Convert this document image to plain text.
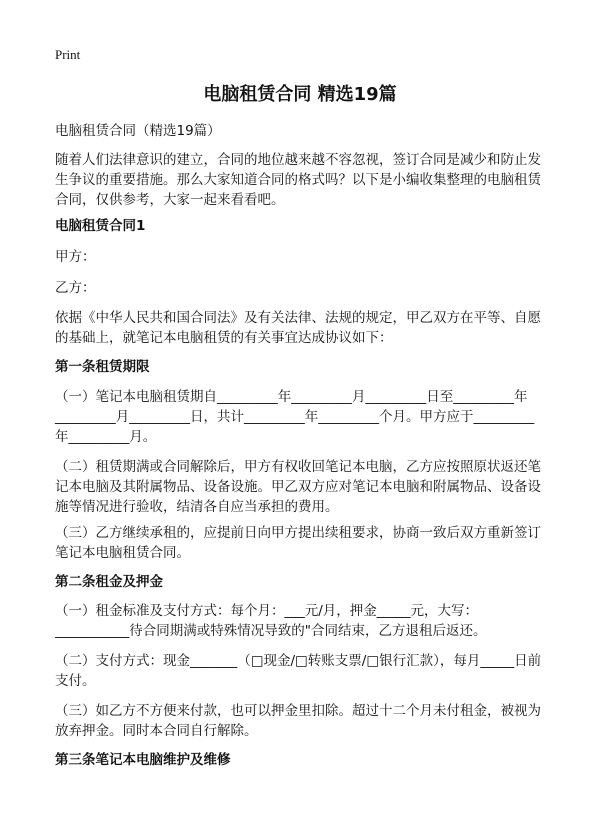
Print
电脑租赁合同 精选19篇
电脑租赁合同（精选19篇）
随着人们法律意识的建立，合同的地位越来越不容忽视，签订合同是减少和防止发生争议的重要措施。那么大家知道合同的格式吗？以下是小编收集整理的电脑租赁合同，仅供参考，大家一起来看看吧。
电脑租赁合同1
甲方：
乙方：
依据《中华人民共和国合同法》及有关法律、法规的规定，甲乙双方在平等、自愿的基础上，就笔记本电脑租赁的有关事宜达成协议如下：
第一条租赁期限
（一）笔记本电脑租赁期自_________年_________月_________日至_________年_________月_________日，共计_________年_________个月。甲方应于_________年_________月。
（二）租赁期满或合同解除后，甲方有权收回笔记本电脑，乙方应按照原状返还笔记本电脑及其附属物品、设备设施。甲乙双方应对笔记本电脑和附属物品、设备设施等情况进行验收，结清各自应当承担的费用。
（三）乙方继续承租的，应提前日向甲方提出续租要求，协商一致后双方重新签订笔记本电脑租赁合同。
第二条租金及押金
（一）租金标准及支付方式：每个月：___元/月，押金_____元，大写：___________待合同期满或特殊情况导致的"合同结束，乙方退租后返还。
（二）支付方式：现金_______（□现金/□转账支票/□银行汇款），每月_____日前支付。
（三）如乙方不方便来付款，也可以押金里扣除。超过十二个月未付租金，被视为放弃押金。同时本合同自行解除。
第三条笔记本电脑维护及维修
